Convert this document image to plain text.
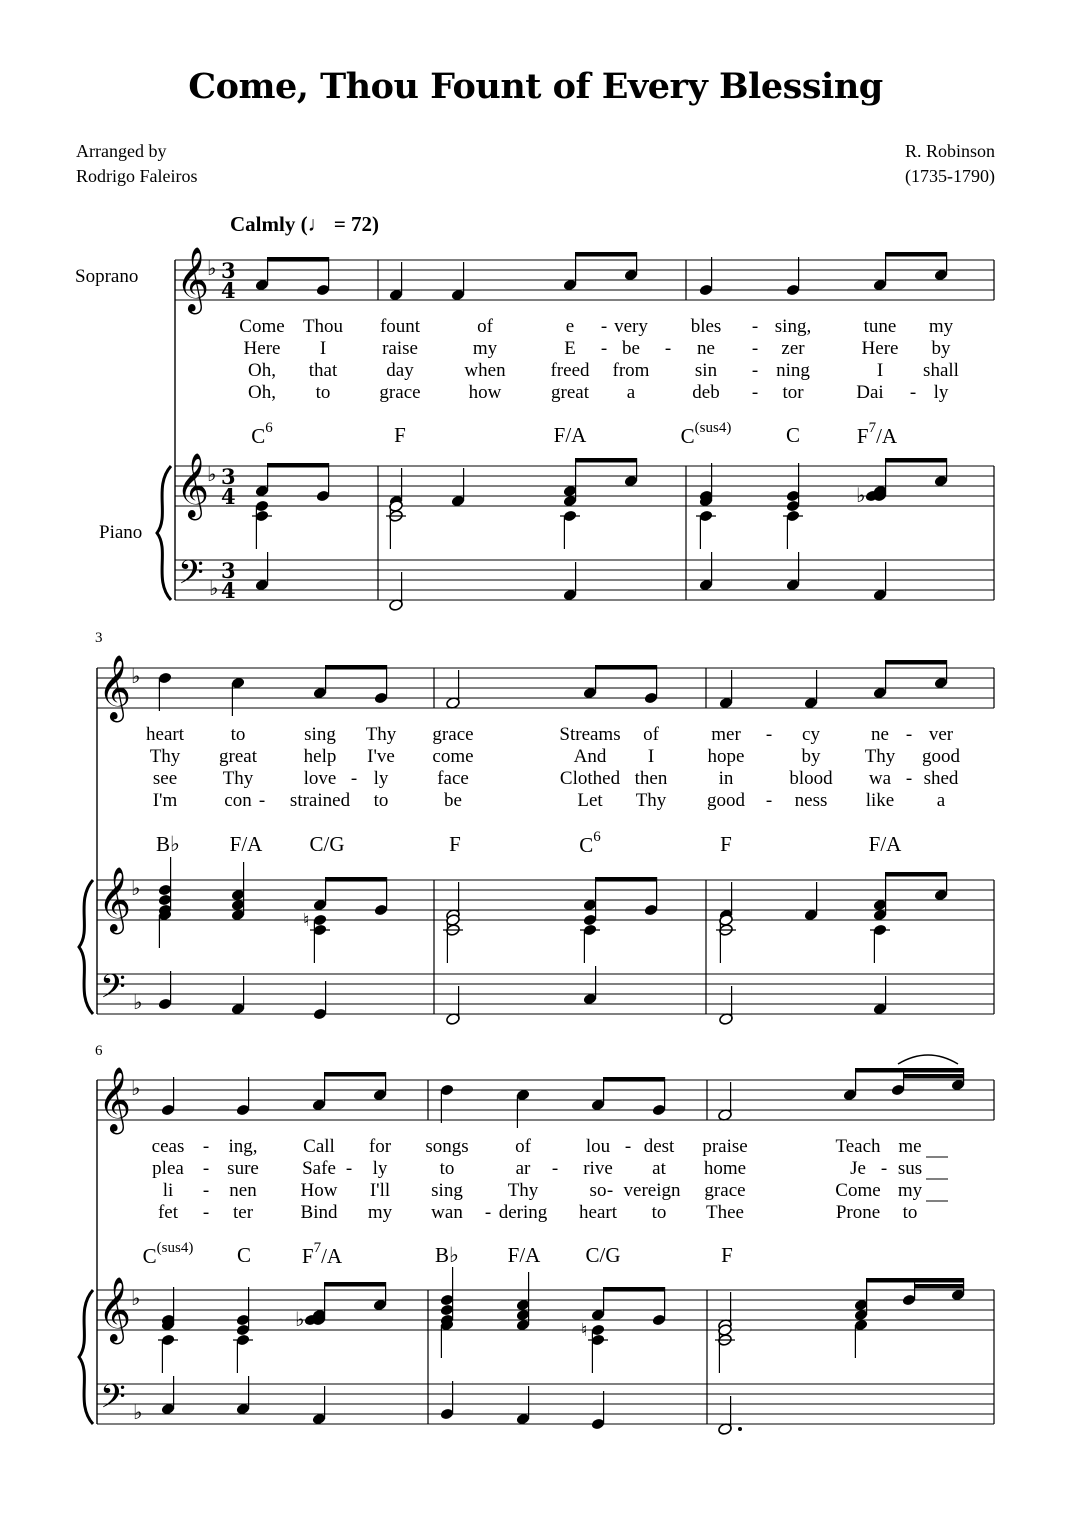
Come, Thou Fount of Every Blessing
Arranged by
Rodrigo Faleiros
R. Robinson
(1735-1790)
Calmly (♩ = 72)
Soprano
Piano
3
6
Come Thou fount	of	e - very bles - sing,	tune my
Here I	raise	my	E - be - ne - zer	Here by
Oh, that	day	when freed from sin - ning	I shall
Oh, to	grace	how	great a	deb - tor	Dai - ly
heart to	sing Thy grace	Streams of	mer - cy	ne - ver
Thy great help I've come	And I	hope	by Thy good
see Thy	love - ly	face	Clothed then	in	blood wa - shed
I'm con - strained to	be	Let Thy good - ness like a
ceas - ing, Call for songs of	lou - dest praise	Teach me
plea - sure Safe - ly	to	ar - rive at home	Je - sus
li - nen How I'll sing Thy	so - vereign grace	Come my
fet - ter	Bind my wan - dering heart to Thee	Prone to
$C^6$	F	F/A	$C^{(sus4)}$	C	$F^7/A$
B♭ F/A C/G	F	$C^6$	F	F/A
$C^{(sus4)}$ C $F^7/A$	B♭ F/A C/G	F
𝄞
♭ 3
4
𝄞
♭ 3
4
𝄢 ♭
3
4
♭
𝄞 ♭
𝄞 ♭
𝄢 ♭
♮
𝄞 ♭
𝄞 ♭
𝄢 ♭
♭	♮
